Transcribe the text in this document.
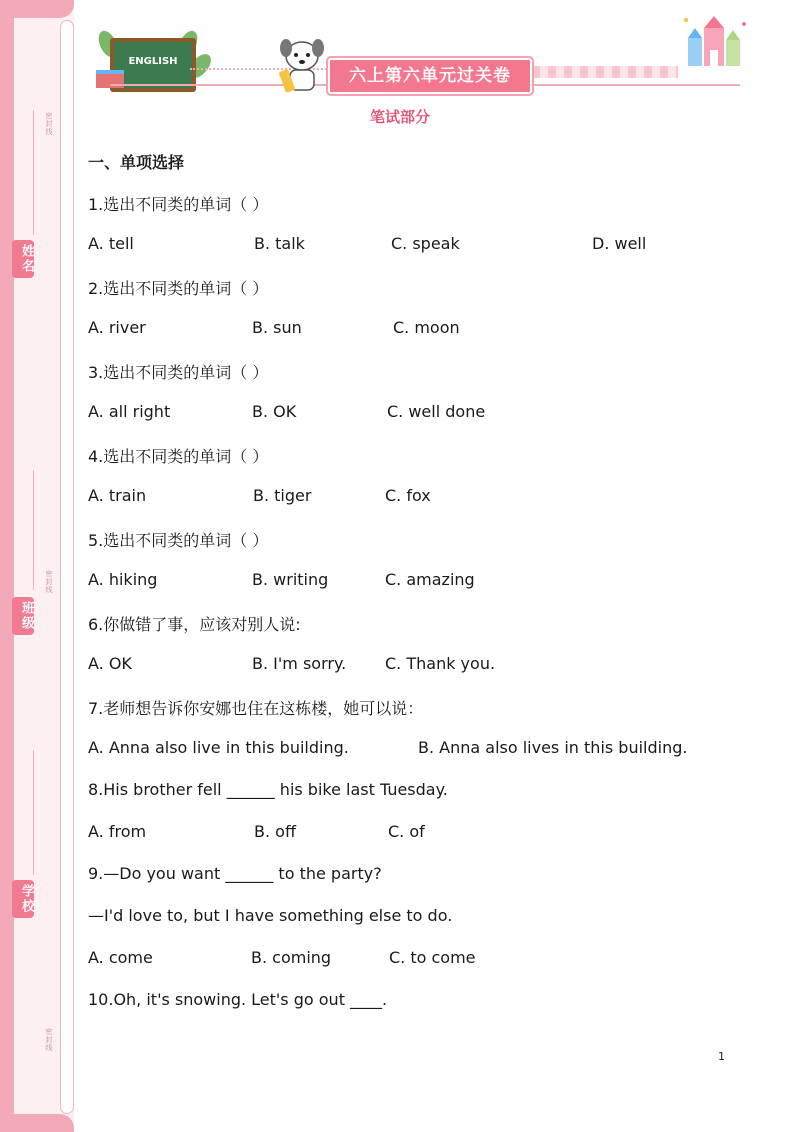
姓名
班级
学校
密封线
密封线
密封线
ENGLISH
六上第六单元过关卷
笔试部分
一、单项选择
1.选出不同类的单词（ ）
A. tell	B. talk	C. speak	D. well
2.选出不同类的单词（ ）
A. river	B. sun	C. moon
3.选出不同类的单词（ ）
A. all right	B. OK	C. well done
4.选出不同类的单词（ ）
A. train	B. tiger	C. fox
5.选出不同类的单词（ ）
A. hiking	B. writing	C. amazing
6.你做错了事，应该对别人说:
A. OK	B. I'm sorry. C. Thank you.
7.老师想告诉你安娜也住在这栋楼，她可以说：
A. Anna also live in this building.	B. Anna also lives in this building.
8.His brother fell ______ his bike last Tuesday.
A. from	B. off	C. of
9.—Do you want ______ to the party?
—I'd love to, but I have something else to do.
A. come	B. coming	C. to come
10.Oh, it's snowing. Let's go out ____.
1
